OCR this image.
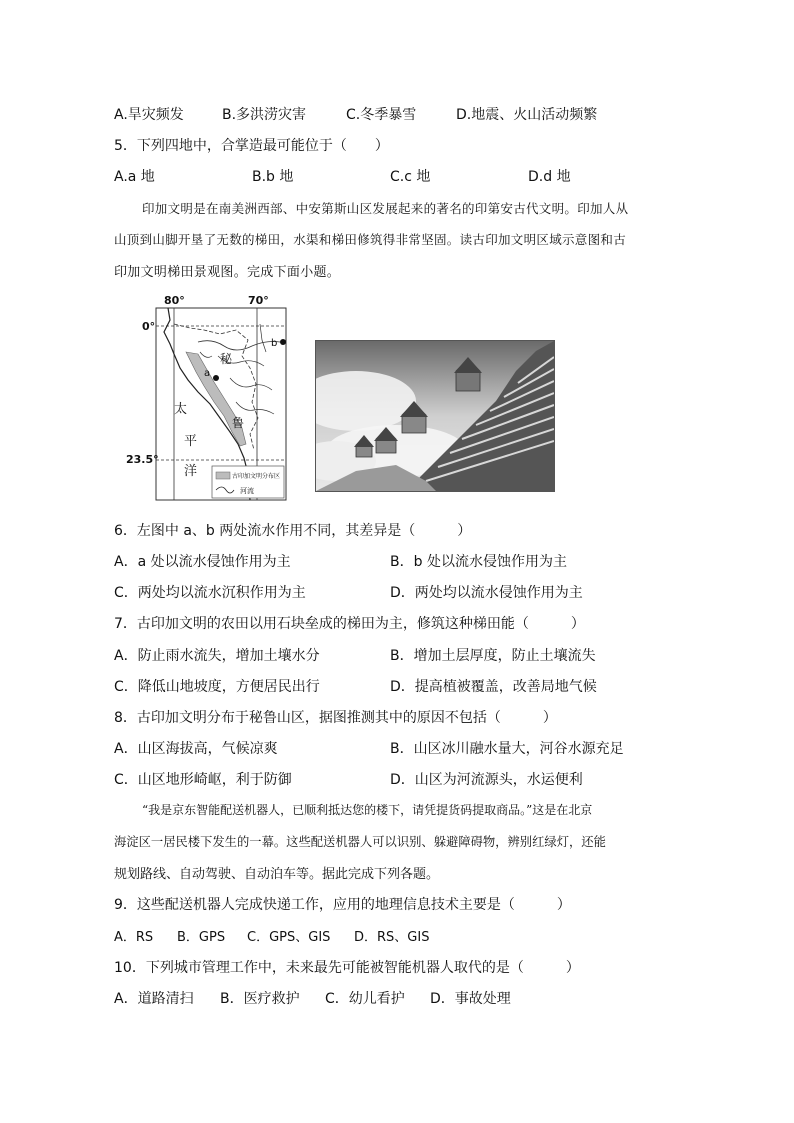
A.旱灾频发	B.多洪涝灾害	C.冬季暴雪	D.地震、火山活动频繁
5．下列四地中，合掌造最可能位于（　　）
A.a 地	B.b 地	C.c 地	D.d 地
印加文明是在南美洲西部、中安第斯山区发展起来的著名的印第安古代文明。印加人从
山顶到山脚开垦了无数的梯田，水渠和梯田修筑得非常坚固。读古印加文明区域示意图和古
印加文明梯田景观图。完成下面小题。
80°	70°
0°
23.5°
a
b
秘
鲁
太
平
洋	古印加文明分布区
河流
6．左图中 a、b 两处流水作用不同，其差异是（　　　）
A．a 处以流水侵蚀作用为主	B．b 处以流水侵蚀作用为主
C．两处均以流水沉积作用为主	D．两处均以流水侵蚀作用为主
7．古印加文明的农田以用石块垒成的梯田为主，修筑这种梯田能（　　　）
A．防止雨水流失，增加土壤水分	B．增加土层厚度，防止土壤流失
C．降低山地坡度，方便居民出行	D．提高植被覆盖，改善局地气候
8．古印加文明分布于秘鲁山区，据图推测其中的原因不包括（　　　）
A．山区海拔高，气候凉爽	B．山区冰川融水量大，河谷水源充足
C．山区地形崎岖，利于防御	D．山区为河流源头，水运便利
“我是京东智能配送机器人，已顺利抵达您的楼下，请凭提货码提取商品。”这是在北京
海淀区一居民楼下发生的一幕。这些配送机器人可以识别、躲避障碍物，辨别红绿灯，还能
规划路线、自动驾驶、自动泊车等。据此完成下列各题。
9．这些配送机器人完成快递工作，应用的地理信息技术主要是（　　　）
A．RS B．GPS C．GPS、GIS D．RS、GIS
10．下列城市管理工作中，未来最先可能被智能机器人取代的是（　　　）
A．道路清扫 B．医疗救护 C．幼儿看护 D．事故处理
